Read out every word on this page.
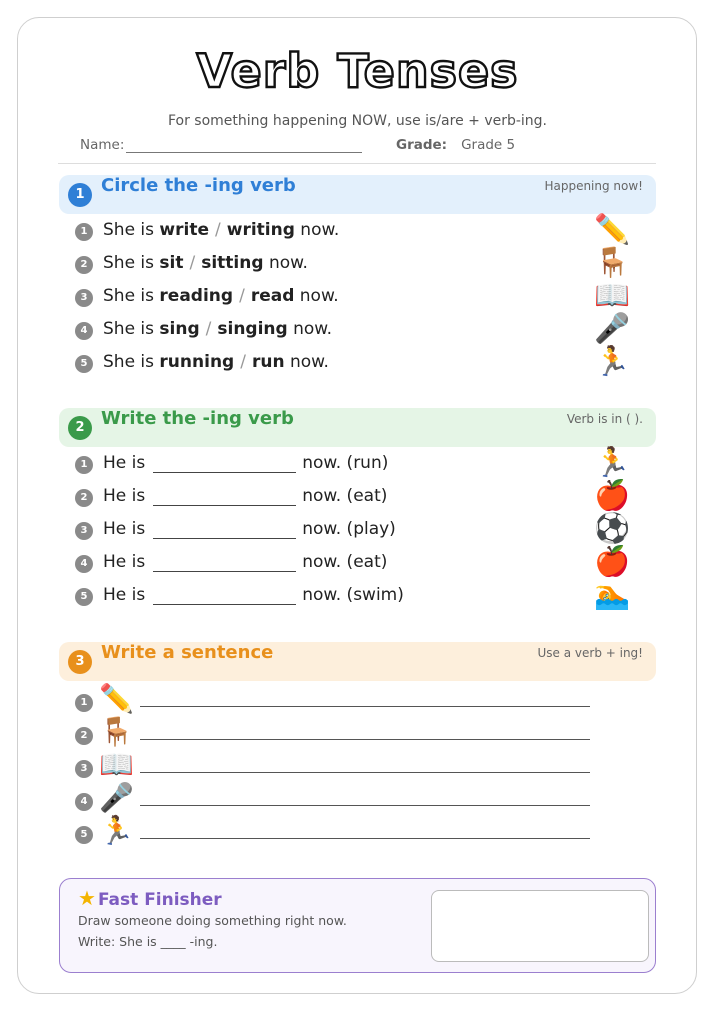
Verb Tenses
For something happening NOW, use is/are + verb-ing.
Name:	Grade: Grade 5
1 Circle the -ing verb	Happening now!
1 She is write / writing now.	✏️
2 She is sit / sitting now.	🪑
3 She is reading / read now.	📖
4 She is sing / singing now.	🎤
5 She is running / run now.	🏃
2 Write the -ing verb	Verb is in ( ).
1 He is	now. (run)	🏃
2 He is	now. (eat)	🍎
3 He is	now. (play)	⚽
4 He is	now. (eat)	🍎
5 He is	now. (swim)	🏊
3 Write a sentence	Use a verb + ing!
1 ✏️
2 🪑
3 📖
4 🎤
5 🏃
★ Fast Finisher
Draw someone doing something right now.
Write: She is ____ -ing.
